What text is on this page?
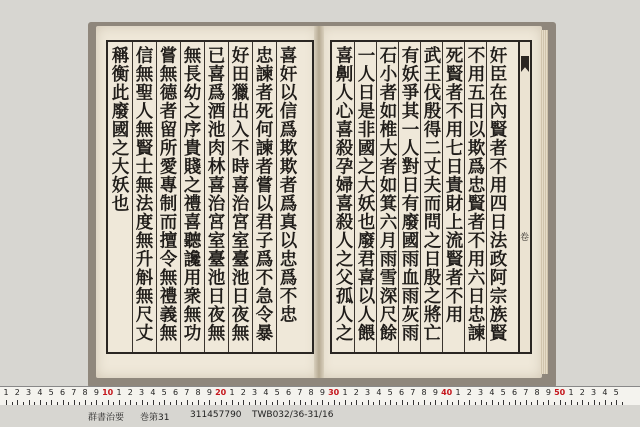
稱衡此廢國之大妖也 信無聖人無賢士無法度無升斛無尺丈 嘗無德者留所愛專制而擅令無禮義無 無長幼之序貴賤之禮喜聽讒用衆無功 已喜爲酒池肉林喜治宮室臺池日夜無 好田獵出入不時喜治宮室臺池日夜無 忠諫者死何諫者嘗以君子爲不急令暴
喜奸以信爲欺欺者爲真以忠爲不忠 喜劓人心喜殺孕婦喜殺人之父孤人之
一人日是非國之大妖也廢君喜以人餵
石小者如椎大者如箕六月雨雪深尺餘 有妖爭其一人對日有廢國雨血雨灰雨 武王伐殷得二丈夫而問之日殷之將亡
死賢者不用七日貴財上流賢者不用 不用五日以欺爲忠賢者不用六日忠諫
奸臣在內賢者不用四日法政阿宗族賢
卷
1 2 3 4 5 6 7 8 9 10 1 2 3 4 5 6 7 8 9 20 1 2 3 4 5 6 7 8 9 30 1 2 3 4 5 6 7 8 9 40 1 2 3 4 5 6 7 8 9 50 1 2 3 4 5
群書治要 巻第31 311457790 TWB032/36-31/16
